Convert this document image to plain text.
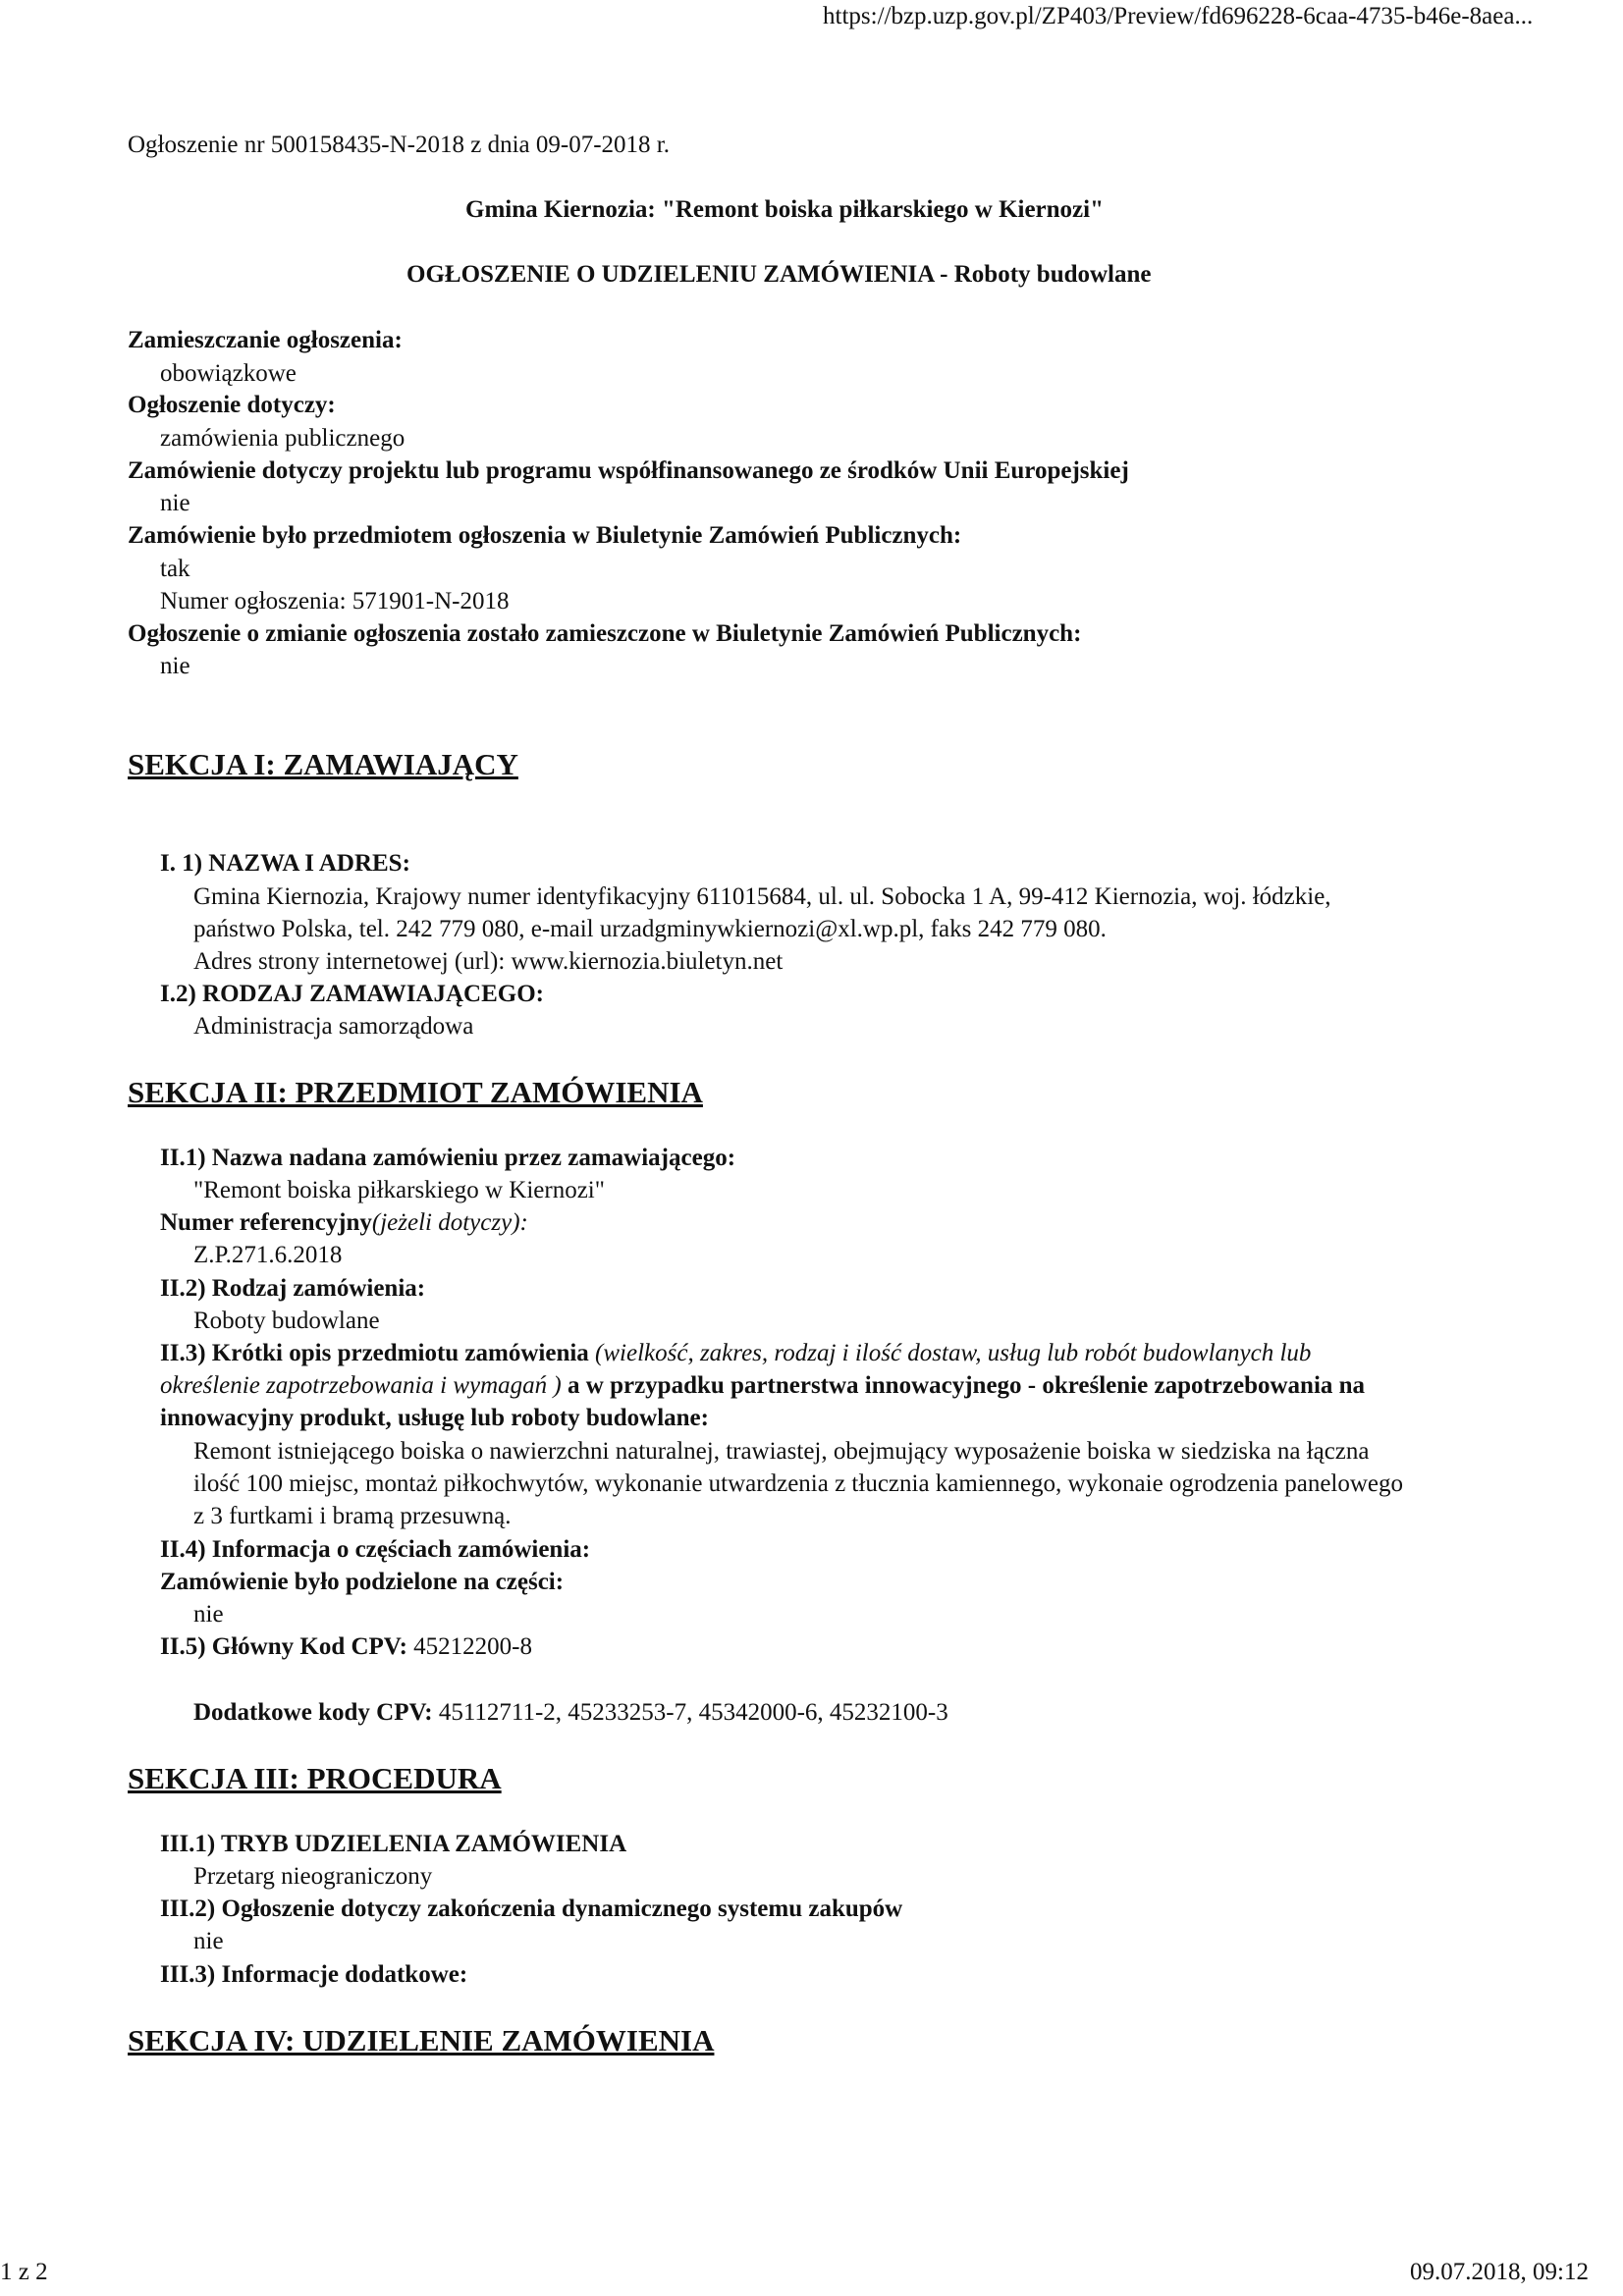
https://bzp.uzp.gov.pl/ZP403/Preview/fd696228-6caa-4735-b46e-8aea...
Ogłoszenie nr 500158435-N-2018 z dnia 09-07-2018 r.
Gmina Kiernozia: "Remont boiska piłkarskiego w Kiernozi"
OGŁOSZENIE O UDZIELENIU ZAMÓWIENIA - Roboty budowlane
Zamieszczanie ogłoszenia:
obowiązkowe
Ogłoszenie dotyczy:
zamówienia publicznego
Zamówienie dotyczy projektu lub programu współfinansowanego ze środków Unii Europejskiej
nie
Zamówienie było przedmiotem ogłoszenia w Biuletynie Zamówień Publicznych:
tak
Numer ogłoszenia: 571901-N-2018
Ogłoszenie o zmianie ogłoszenia zostało zamieszczone w Biuletynie Zamówień Publicznych:
nie
SEKCJA I: ZAMAWIAJĄCY
I. 1) NAZWA I ADRES:
Gmina Kiernozia, Krajowy numer identyfikacyjny 611015684, ul. ul. Sobocka 1 A, 99-412 Kiernozia, woj. łódzkie,
państwo Polska, tel. 242 779 080, e-mail urzadgminywkiernozi@xl.wp.pl, faks 242 779 080.
Adres strony internetowej (url): www.kiernozia.biuletyn.net
I.2) RODZAJ ZAMAWIAJĄCEGO:
Administracja samorządowa
SEKCJA II: PRZEDMIOT ZAMÓWIENIA
II.1) Nazwa nadana zamówieniu przez zamawiającego:
"Remont boiska piłkarskiego w Kiernozi"
Numer referencyjny(jeżeli dotyczy):
Z.P.271.6.2018
II.2) Rodzaj zamówienia:
Roboty budowlane
II.3) Krótki opis przedmiotu zamówienia (wielkość, zakres, rodzaj i ilość dostaw, usług lub robót budowlanych lub
określenie zapotrzebowania i wymagań ) a w przypadku partnerstwa innowacyjnego - określenie zapotrzebowania na
innowacyjny produkt, usługę lub roboty budowlane:
Remont istniejącego boiska o nawierzchni naturalnej, trawiastej, obejmujący wyposażenie boiska w siedziska na łączna
ilość 100 miejsc, montaż piłkochwytów, wykonanie utwardzenia z tłucznia kamiennego, wykonaie ogrodzenia panelowego
z 3 furtkami i bramą przesuwną.
II.4) Informacja o częściach zamówienia:
Zamówienie było podzielone na części:
nie
II.5) Główny Kod CPV: 45212200-8
Dodatkowe kody CPV: 45112711-2, 45233253-7, 45342000-6, 45232100-3
SEKCJA III: PROCEDURA
III.1) TRYB UDZIELENIA ZAMÓWIENIA
Przetarg nieograniczony
III.2) Ogłoszenie dotyczy zakończenia dynamicznego systemu zakupów
nie
III.3) Informacje dodatkowe:
SEKCJA IV: UDZIELENIE ZAMÓWIENIA
1 z 2	09.07.2018, 09:12
